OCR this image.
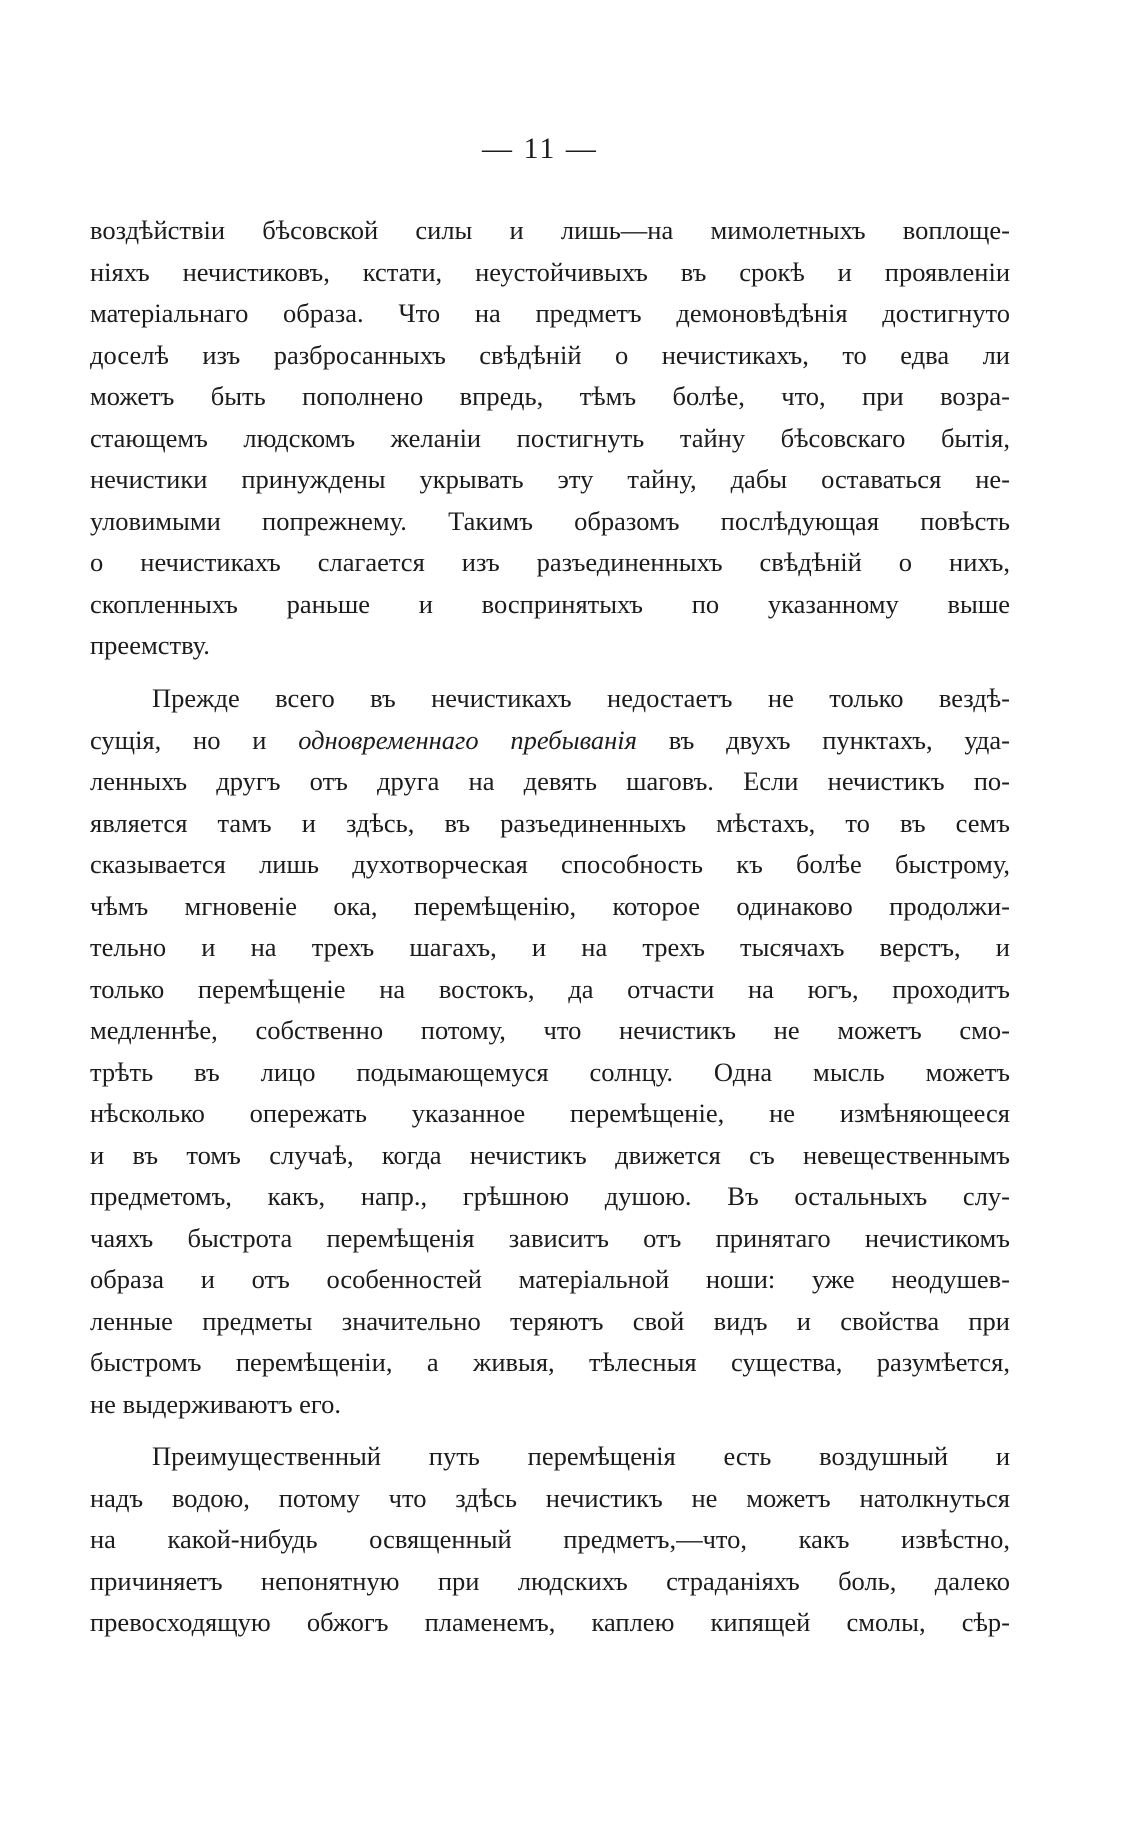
— 11 —

воздѣйствіи бѣсовской силы и лишь—на мимолетныхъ воплоще-
ніяхъ нечистиковъ, кстати, неустойчивыхъ въ срокѣ и проявленіи
матеріальнаго образа. Что на предметъ демоновѣдѣнія достигнуто
доселѣ изъ разбросанныхъ свѣдѣній о нечистикахъ, то едва ли
можетъ быть пополнено впредь, тѣмъ болѣе, что, при возра-
стающемъ людскомъ желаніи постигнуть тайну бѣсовскаго бытія,
нечистики принуждены укрывать эту тайну, дабы оставаться не-
уловимыми попрежнему. Такимъ образомъ послѣдующая повѣсть
о нечистикахъ слагается изъ разъединенныхъ свѣдѣній о нихъ,
скопленныхъ раньше и воспринятыхъ по указанному выше
преемству.
Прежде всего въ нечистикахъ недостаетъ не только вездѣ-
сущія, но и одновременнаго пребыванія въ двухъ пунктахъ, уда-
ленныхъ другъ отъ друга на девять шаговъ. Если нечистикъ по-
является тамъ и здѣсь, въ разъединенныхъ мѣстахъ, то въ семъ
сказывается лишь духотворческая способность къ болѣе быстрому,
чѣмъ мгновеніе ока, перемѣщенію, которое одинаково продолжи-
тельно и на трехъ шагахъ, и на трехъ тысячахъ верстъ, и
только перемѣщеніе на востокъ, да отчасти на югъ, проходитъ
медленнѣе, собственно потому, что нечистикъ не можетъ смо-
трѣть въ лицо подымающемуся солнцу. Одна мысль можетъ
нѣсколько опережать указанное перемѣщеніе, не измѣняющееся
и въ томъ случаѣ, когда нечистикъ движется съ невещественнымъ
предметомъ, какъ, напр., грѣшною душою. Въ остальныхъ слу-
чаяхъ быстрота перемѣщенія зависитъ отъ принятаго нечистикомъ
образа и отъ особенностей матеріальной ноши: уже неодушев-
ленные предметы значительно теряютъ свой видъ и свойства при
быстромъ перемѣщеніи, а живыя, тѣлесныя существа, разумѣется,
не выдерживаютъ его.
Преимущественный путь перемѣщенія есть воздушный и
надъ водою, потому что здѣсь нечистикъ не можетъ натолкнуться
на какой-нибудь освященный предметъ,—что, какъ извѣстно,
причиняетъ непонятную при людскихъ страданіяхъ боль, далеко
превосходящую обжогъ пламенемъ, каплею кипящей смолы, сѣр-
